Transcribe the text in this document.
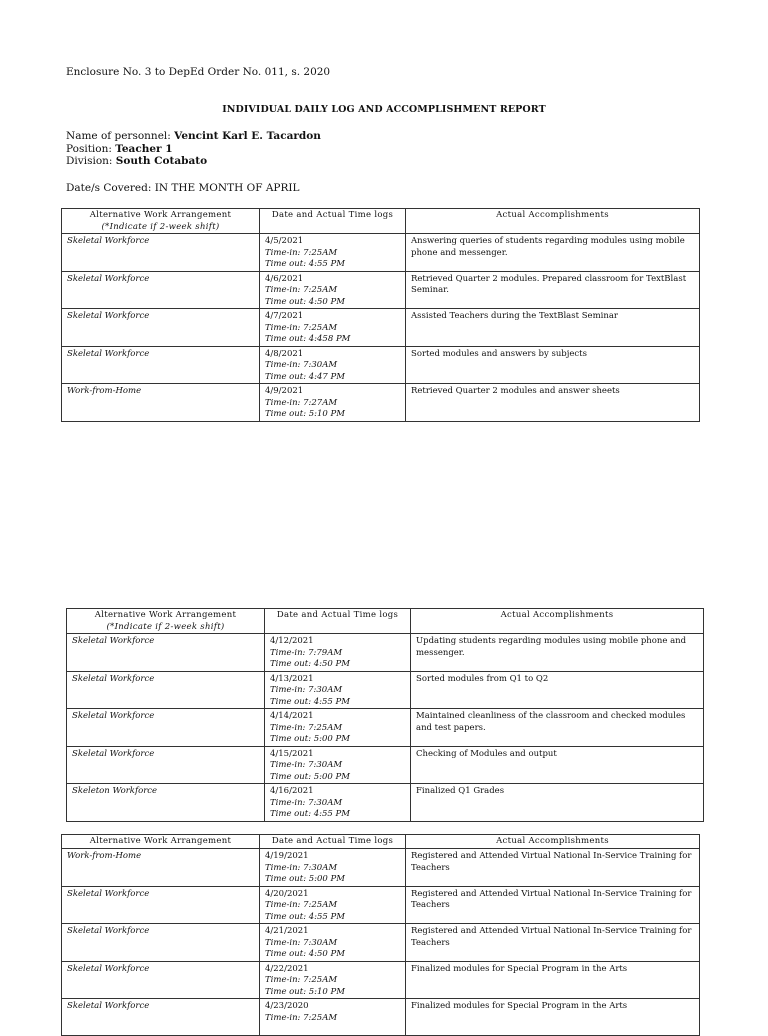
Enclosure No. 3 to DepEd Order No. 011, s. 2020
INDIVIDUAL DAILY LOG AND ACCOMPLISHMENT REPORT
Name of personnel: Vencint Karl E. Tacardon
Position: Teacher 1
Division: South Cotabato
Date/s Covered: IN THE MONTH OF APRIL
Alternative Work Arrangement
(*Indicate if 2-week shift)	Date and Actual Time logs	Actual Accomplishments
Skeletal Workforce	4/5/2021
Time-in: 7:25AM
Time out: 4:55 PM	Answering queries of students regarding modules using mobile phone and messenger.
Skeletal Workforce	4/6/2021
Time-in: 7:25AM
Time out: 4:50 PM	Retrieved Quarter 2 modules. Prepared classroom for TextBlast Seminar.
Skeletal Workforce	4/7/2021
Time-in: 7:25AM
Time out: 4:458 PM	Assisted Teachers during the TextBlast Seminar
Skeletal Workforce	4/8/2021
Time-in: 7:30AM
Time out: 4:47 PM	Sorted modules and answers by subjects
Work-from-Home	4/9/2021
Time-in: 7:27AM
Time out: 5:10 PM	Retrieved Quarter 2 modules and answer sheets
Alternative Work Arrangement
(*Indicate if 2-week shift)	Date and Actual Time logs	Actual Accomplishments
Skeletal Workforce	4/12/2021
Time-in: 7:79AM
Time out: 4:50 PM	Updating students regarding modules using mobile phone and messenger.
Skeletal Workforce	4/13/2021
Time-in: 7:30AM
Time out: 4:55 PM	Sorted modules from Q1 to Q2
Skeletal Workforce	4/14/2021
Time-in: 7:25AM
Time out: 5:00 PM	Maintained cleanliness of the classroom and checked modules and test papers.
Skeletal Workforce	4/15/2021
Time-in: 7:30AM
Time out: 5:00 PM	Checking of Modules and output
Skeleton Workforce	4/16/2021
Time-in: 7:30AM
Time out: 4:55 PM	Finalized Q1 Grades
Alternative Work Arrangement	Date and Actual Time logs	Actual Accomplishments
Work-from-Home	4/19/2021
Time-in: 7:30AM
Time out: 5:00 PM	Registered and Attended Virtual National In-Service Training for Teachers
Skeletal Workforce	4/20/2021
Time-in: 7:25AM
Time out: 4:55 PM	Registered and Attended Virtual National In-Service Training for Teachers
Skeletal Workforce	4/21/2021
Time-in: 7:30AM
Time out: 4:50 PM	Registered and Attended Virtual National In-Service Training for Teachers
Skeletal Workforce	4/22/2021
Time-in: 7:25AM
Time out: 5:10 PM	Finalized modules for Special Program in the Arts
Skeletal Workforce	4/23/2020
Time-in: 7:25AM	Finalized modules for Special Program in the Arts
